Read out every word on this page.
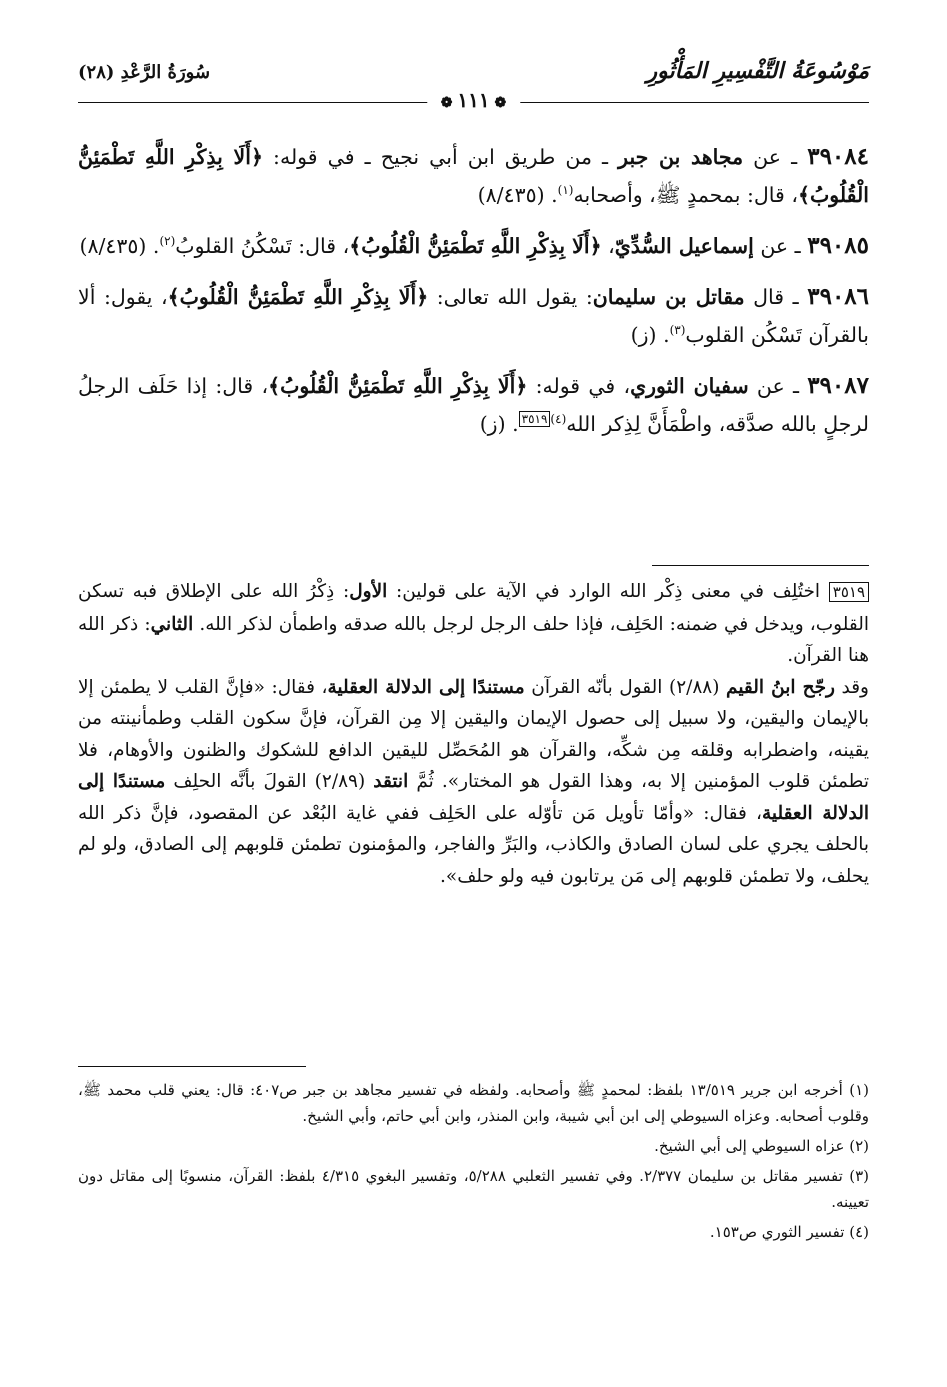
مَوْسُوعَةُ التَّفْسِيرِ المَأْثُورِ
سُورَةُ الرَّعْدِ (٢٨)
❁ ١١١ ❁
٣٩٠٨٤ ـ عن مجاهد بن جبر ـ من طريق ابن أبي نجيح ـ في قوله: ﴿أَلَا بِذِكْرِ اللَّهِ تَطْمَئِنُّ الْقُلُوبُ﴾، قال: بمحمدٍ ﷺ، وأصحابه$^{(١)}$. (٨/٤٣٥)
٣٩٠٨٥ ـ عن إسماعيل السُّدِّيّ، ﴿أَلَا بِذِكْرِ اللَّهِ تَطْمَئِنُّ الْقُلُوبُ﴾، قال: تَسْكُنُ القلوبُ$^{(٢)}$. (٨/٤٣٥)
٣٩٠٨٦ ـ قال مقاتل بن سليمان: يقول الله تعالى: ﴿أَلَا بِذِكْرِ اللَّهِ تَطْمَئِنُّ الْقُلُوبُ﴾، يقول: ألا بالقرآن تَسْكُن القلوب$^{(٣)}$. (ز)
٣٩٠٨٧ ـ عن سفيان الثوري، في قوله: ﴿أَلَا بِذِكْرِ اللَّهِ تَطْمَئِنُّ الْقُلُوبُ﴾، قال: إذا حَلَف الرجلُ لرجلٍ بالله صدَّقه، واطْمَأَنَّ لِذِكر الله$^{(٤)٣٥١٩}$. (ز)

٣٥١٩ اختُلِف في معنى ذِكْر الله الوارد في الآية على قولين: الأول: ذِكْرُ الله على الإطلاق فبه تسكن القلوب، ويدخل في ضمنه: الحَلِف، فإذا حلف الرجل لرجل بالله صدقه واطمأن لذكر الله. الثاني: ذكر الله هنا القرآن.

وقد رجّح ابنُ القيم (٢/٨٨) القول بأنّه القرآن مستندًا إلى الدلالة العقلية، فقال: «فإنَّ القلب لا يطمئن إلا بالإيمان واليقين، ولا سبيل إلى حصول الإيمان واليقين إلا مِن القرآن، فإنَّ سكون القلب وطمأنينته من يقينه، واضطرابه وقلقه مِن شكِّه، والقرآن هو المُحَصِّل لليقين الدافع للشكوك والظنون والأوهام، فلا تطمئن قلوب المؤمنين إلا به، وهذا القول هو المختار». ثُمَّ انتقد (٢/٨٩) القولَ بأنَّه الحلِف مستندًا إلى الدلالة العقلية، فقال: «وأمّا تأويل مَن تأوّله على الحَلِف ففي غاية البُعْد عن المقصود، فإنَّ ذكر الله بالحلف يجري على لسان الصادق والكاذب، والبَرِّ والفاجر، والمؤمنون تطمئن قلوبهم إلى الصادق، ولو لم يحلف، ولا تطمئن قلوبهم إلى مَن يرتابون فيه ولو حلف».

(١) أخرجه ابن جرير ١٣/٥١٩ بلفظ: لمحمدٍ ﷺ وأصحابه. ولفظه في تفسير مجاهد بن جبر ص٤٠٧: قال: يعني قلب محمد ﷺ، وقلوب أصحابه. وعزاه السيوطي إلى ابن أبي شيبة، وابن المنذر، وابن أبي حاتم، وأبي الشيخ.

(٢) عزاه السيوطي إلى أبي الشيخ.

(٣) تفسير مقاتل بن سليمان ٢/٣٧٧. وفي تفسير الثعلبي ٥/٢٨٨، وتفسير البغوي ٤/٣١٥ بلفظ: القرآن، منسوبًا إلى مقاتل دون تعيينه.

(٤) تفسير الثوري ص١٥٣.
